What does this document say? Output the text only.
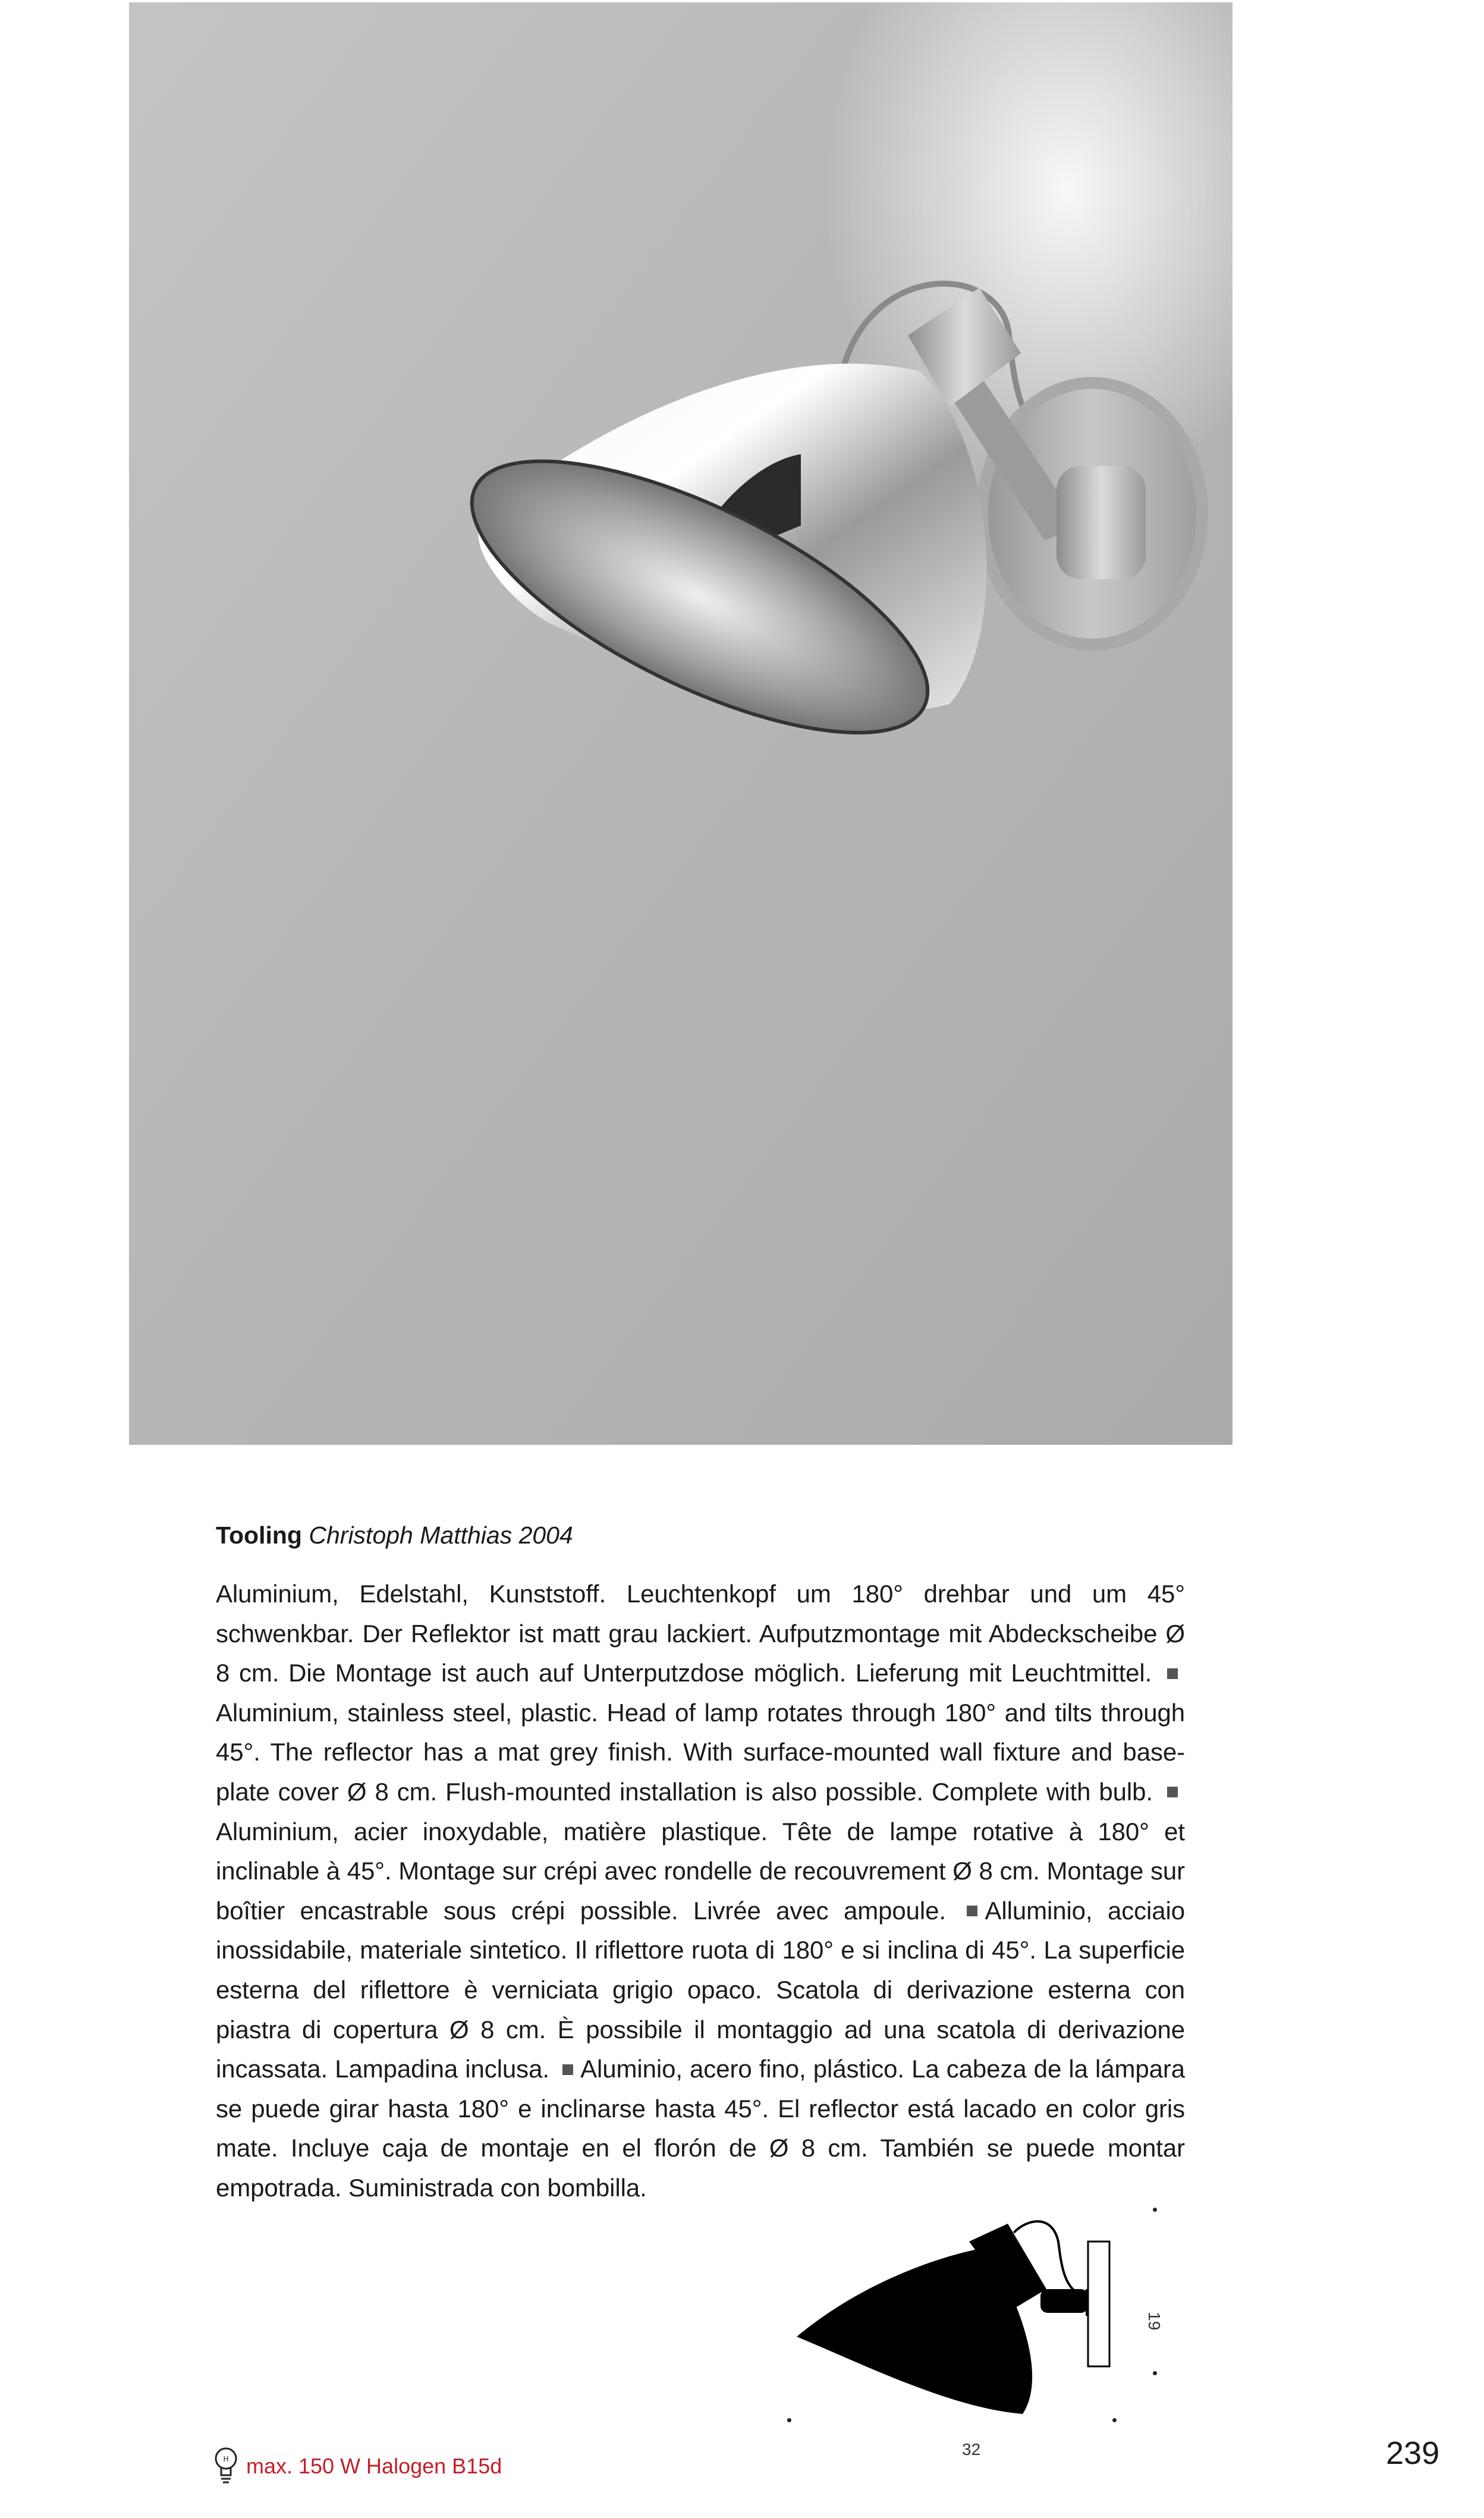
Tooling Christoph Matthias 2004
Aluminium, Edelstahl, Kunststoff. Leuchtenkopf um 180° drehbar und um 45° schwenkbar. Der Reflektor ist matt grau lackiert. Aufputzmontage mit Abdeckscheibe Ø 8 cm. Die Montage ist auch auf Unterputzdose möglich. Lieferung mit Leuchtmittel. Aluminium, stainless steel, plastic. Head of lamp rotates through 180° and tilts through 45°. The reflector has a mat grey finish. With surface-mounted wall fixture and base-plate cover Ø 8 cm. Flush-mounted installation is also possible. Complete with bulb. Aluminium, acier inoxydable, matière plastique. Tête de lampe rotative à 180° et inclinable à 45°. Montage sur crépi avec rondelle de recouvrement Ø 8 cm. Montage sur boîtier encastrable sous crépi possible. Livrée avec ampoule. Alluminio, acciaio inossidabile, materiale sintetico. Il riflettore ruota di 180° e si inclina di 45°. La superficie esterna del riflettore è verniciata grigio opaco. Scatola di derivazione esterna con piastra di copertura Ø 8 cm. È possibile il montaggio ad una scatola di derivazione incassata. Lampadina inclusa. Aluminio, acero fino, plástico. La cabeza de la lámpara se puede girar hasta 180° e inclinarse hasta 45°. El reflector está lacado en color gris mate. Incluye caja de montaje en el florón de Ø 8 cm. También se puede montar empotrada. Suministrada con bombilla.
19
32
H max. 150 W Halogen B15d	239
